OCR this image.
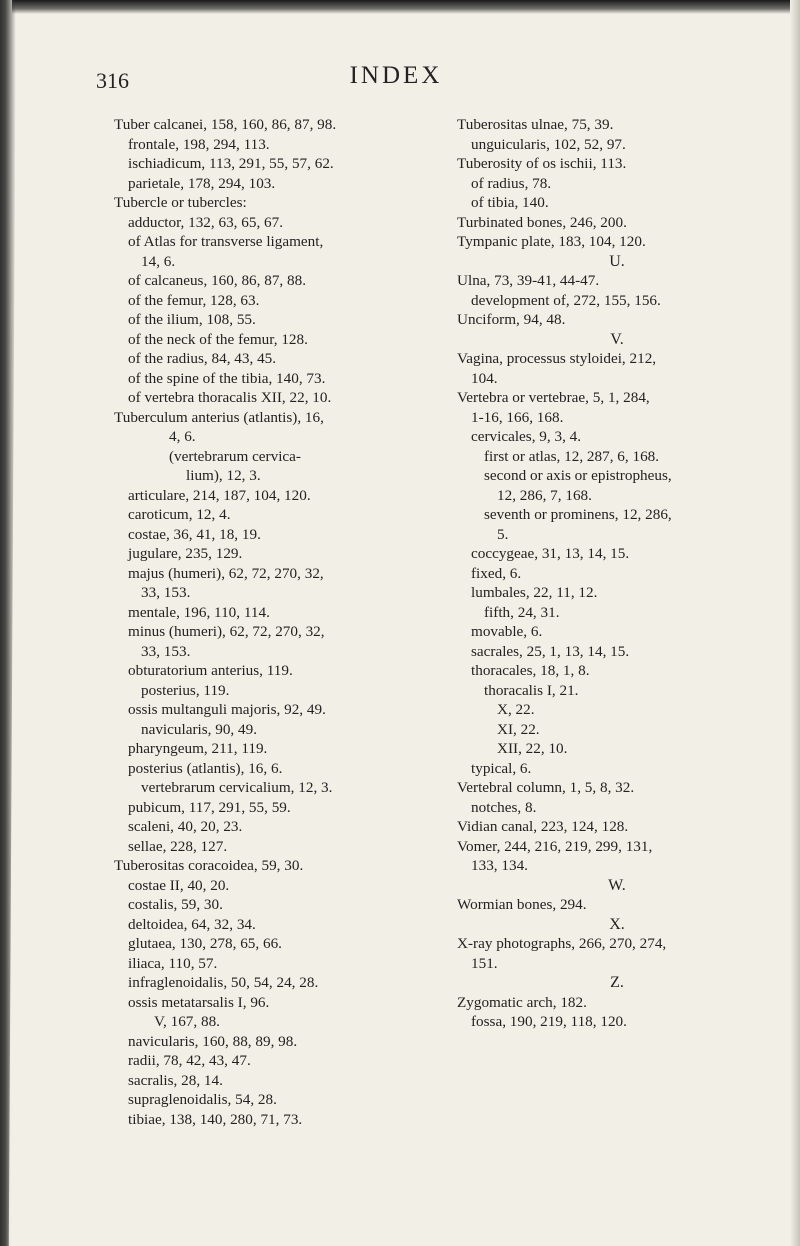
316	INDEX
Tuber calcanei, 158, 160, 86, 87, 98.
frontale, 198, 294, 113.
ischiadicum, 113, 291, 55, 57, 62.
parietale, 178, 294, 103.
Tubercle or tubercles:
adductor, 132, 63, 65, 67.
of Atlas for transverse ligament,
14, 6.
of calcaneus, 160, 86, 87, 88.
of the femur, 128, 63.
of the ilium, 108, 55.
of the neck of the femur, 128.
of the radius, 84, 43, 45.
of the spine of the tibia, 140, 73.
of vertebra thoracalis XII, 22, 10.
Tuberculum anterius (atlantis), 16,
4, 6.
(vertebrarum cervica-
lium), 12, 3.
articulare, 214, 187, 104, 120.
caroticum, 12, 4.
costae, 36, 41, 18, 19.
jugulare, 235, 129.
majus (humeri), 62, 72, 270, 32,
33, 153.
mentale, 196, 110, 114.
minus (humeri), 62, 72, 270, 32,
33, 153.
obturatorium anterius, 119.
posterius, 119.
ossis multanguli majoris, 92, 49.
navicularis, 90, 49.
pharyngeum, 211, 119.
posterius (atlantis), 16, 6.
vertebrarum cervicalium, 12, 3.
pubicum, 117, 291, 55, 59.
scaleni, 40, 20, 23.
sellae, 228, 127.
Tuberositas coracoidea, 59, 30.
costae II, 40, 20.
costalis, 59, 30.
deltoidea, 64, 32, 34.
glutaea, 130, 278, 65, 66.
iliaca, 110, 57.
infraglenoidalis, 50, 54, 24, 28.
ossis metatarsalis I, 96.
V, 167, 88.
navicularis, 160, 88, 89, 98.
radii, 78, 42, 43, 47.
sacralis, 28, 14.
supraglenoidalis, 54, 28.
tibiae, 138, 140, 280, 71, 73.
Tuberositas ulnae, 75, 39.
unguicularis, 102, 52, 97.
Tuberosity of os ischii, 113.
of radius, 78.
of tibia, 140.
Turbinated bones, 246, 200.
Tympanic plate, 183, 104, 120.
U.
Ulna, 73, 39-41, 44-47.
development of, 272, 155, 156.
Unciform, 94, 48.
V.
Vagina, processus styloidei, 212,
104.
Vertebra or vertebrae, 5, 1, 284,
1-16, 166, 168.
cervicales, 9, 3, 4.
first or atlas, 12, 287, 6, 168.
second or axis or epistropheus,
12, 286, 7, 168.
seventh or prominens, 12, 286,
5.
coccygeae, 31, 13, 14, 15.
fixed, 6.
lumbales, 22, 11, 12.
fifth, 24, 31.
movable, 6.
sacrales, 25, 1, 13, 14, 15.
thoracales, 18, 1, 8.
thoracalis I, 21.
X, 22.
XI, 22.
XII, 22, 10.
typical, 6.
Vertebral column, 1, 5, 8, 32.
notches, 8.
Vidian canal, 223, 124, 128.
Vomer, 244, 216, 219, 299, 131,
133, 134.
W.
Wormian bones, 294.
X.
X-ray photographs, 266, 270, 274,
151.
Z.
Zygomatic arch, 182.
fossa, 190, 219, 118, 120.
